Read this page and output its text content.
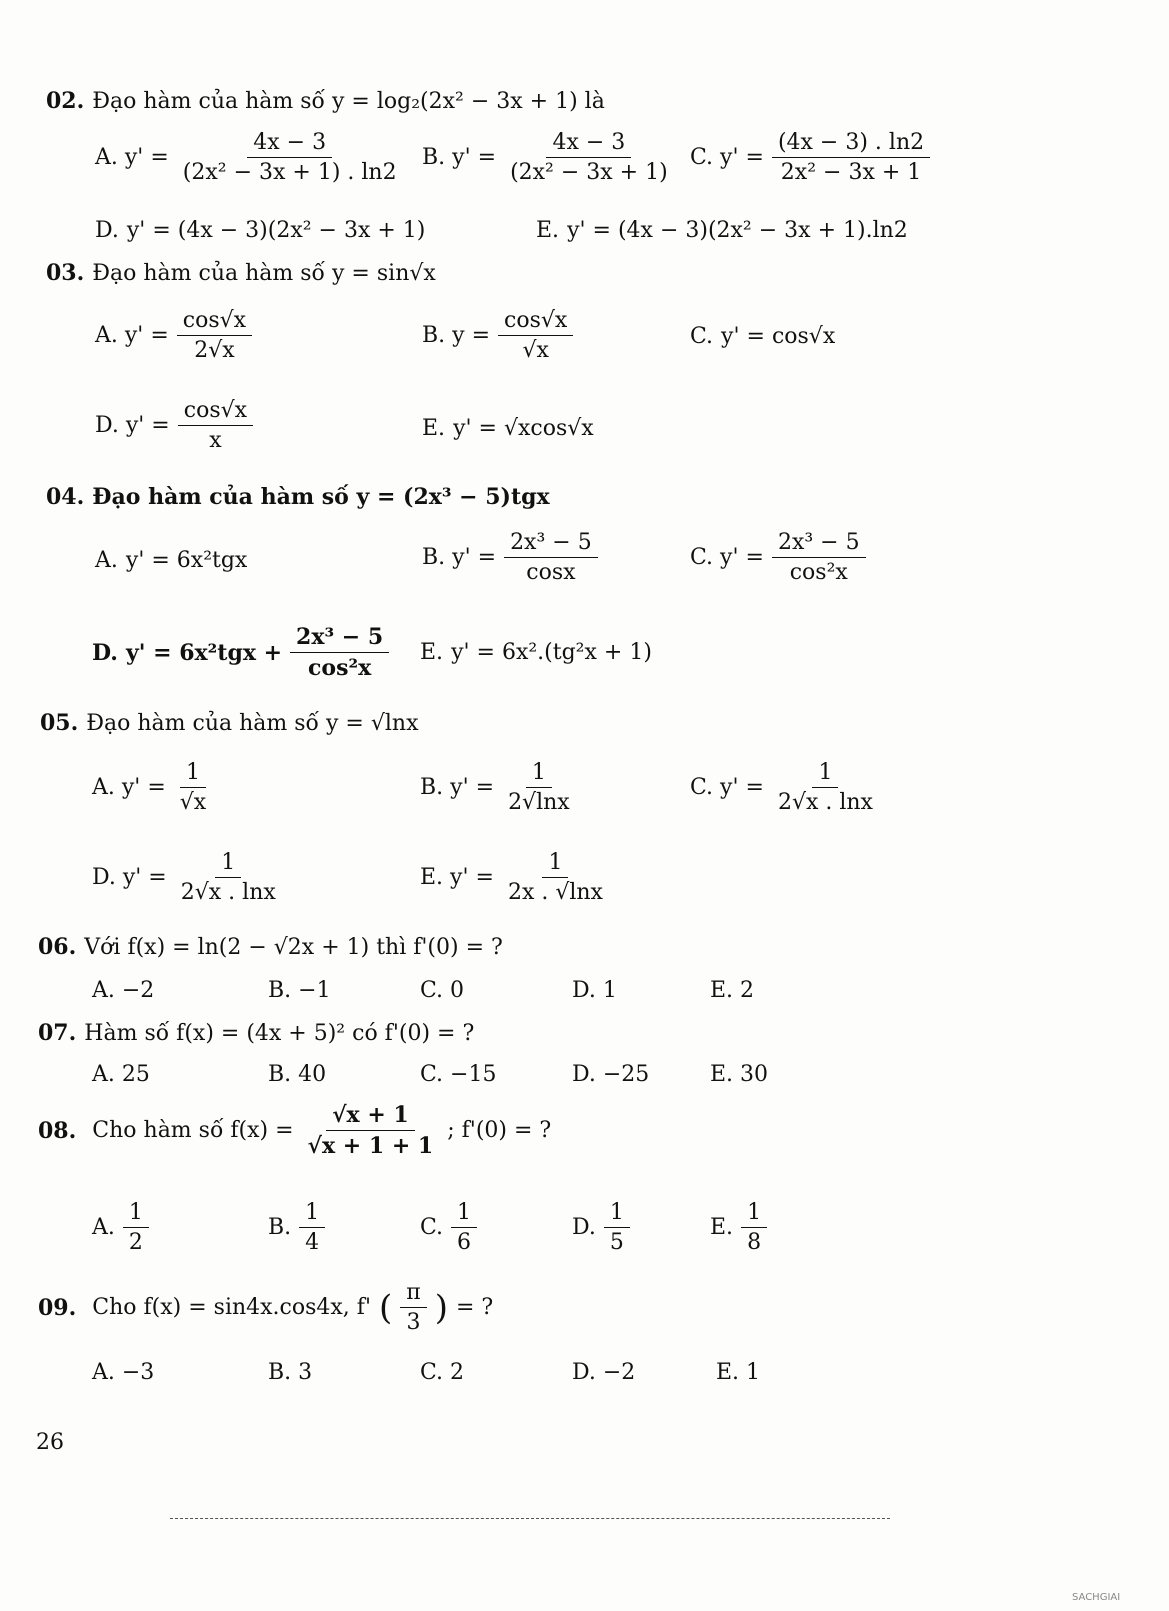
02. Đạo hàm của hàm số y = log₂(2x² − 3x + 1) là
A. $y' = \frac{4x - 3}{\text{(2x² − 3x + 1) . ln2}} B$. $y' = \frac{4x - 3}{\text{(2x² − 3x + 1)}} C$. $y' = \frac{(4x - 3) . \ln 2}{\text{2x² − 3x + 1}}$
D. y' = (4x − 3)(2x² − 3x + 1)	E. y' = (4x − 3)(2x² − 3x + 1).ln2
03. Đạo hàm của hàm số y = sin√x
A. $y' = \frac{\cos√x}{2√x}$	B. $y = \frac{\cos√x}{√x}$	C. y' = cos√x
D. $y' = \frac{\cos√x}{x}$	E. y' = √xcos√x
04. Đạo hàm của hàm số y = (2x³ − 5)tgx
A. y' = 6x²tgx	B. $y' = \frac{\text{2x³ − 5}}{\cos x}$	C. $y' = \frac{\text{2x³ − 5}}{\text{cos²x}}$
D. $y' = 6x^2tgx + \frac{\text{2x³ − 5}}{\text{cos²x}} E$. y' = 6x².(tg²x + 1)
05. Đạo hàm của hàm số y = √lnx
A. $y' = \frac{1}{√x}$	B. $y' = \frac{1}{2√\ln x}$	C. $y' = \frac{1}{2√x . \ln x}$
D. $y' = \frac{1}{2√x . \ln x}$	E. $y' = \frac{1}{2x . √\ln x}$
06. Với f(x) = ln(2 − √2x + 1) thì f'(0) = ?
A. −2	B. −1	C. 0	D. 1	E. 2
07. Hàm số f(x) = (4x + 5)² có f'(0) = ?
A. 25	B. 40	C. −15	D. −25	E. 30
08. Cho hàm số $f(x) = \frac{√x + 1}{√x + 1 + 1}$ ; f'(0) = ?
A. $\frac{1}{2}$	B. $\frac{1}{4}$	C. $\frac{1}{6}$	D. $\frac{1}{5}$	E. $\frac{1}{8}$
09. Cho f(x) = sin4x.cos4x, f' ( $\frac{\pi}{3}$ ) = ?
A. −3	B. 3	C. 2	D. −2	E. 1
26
SACHGIAI
